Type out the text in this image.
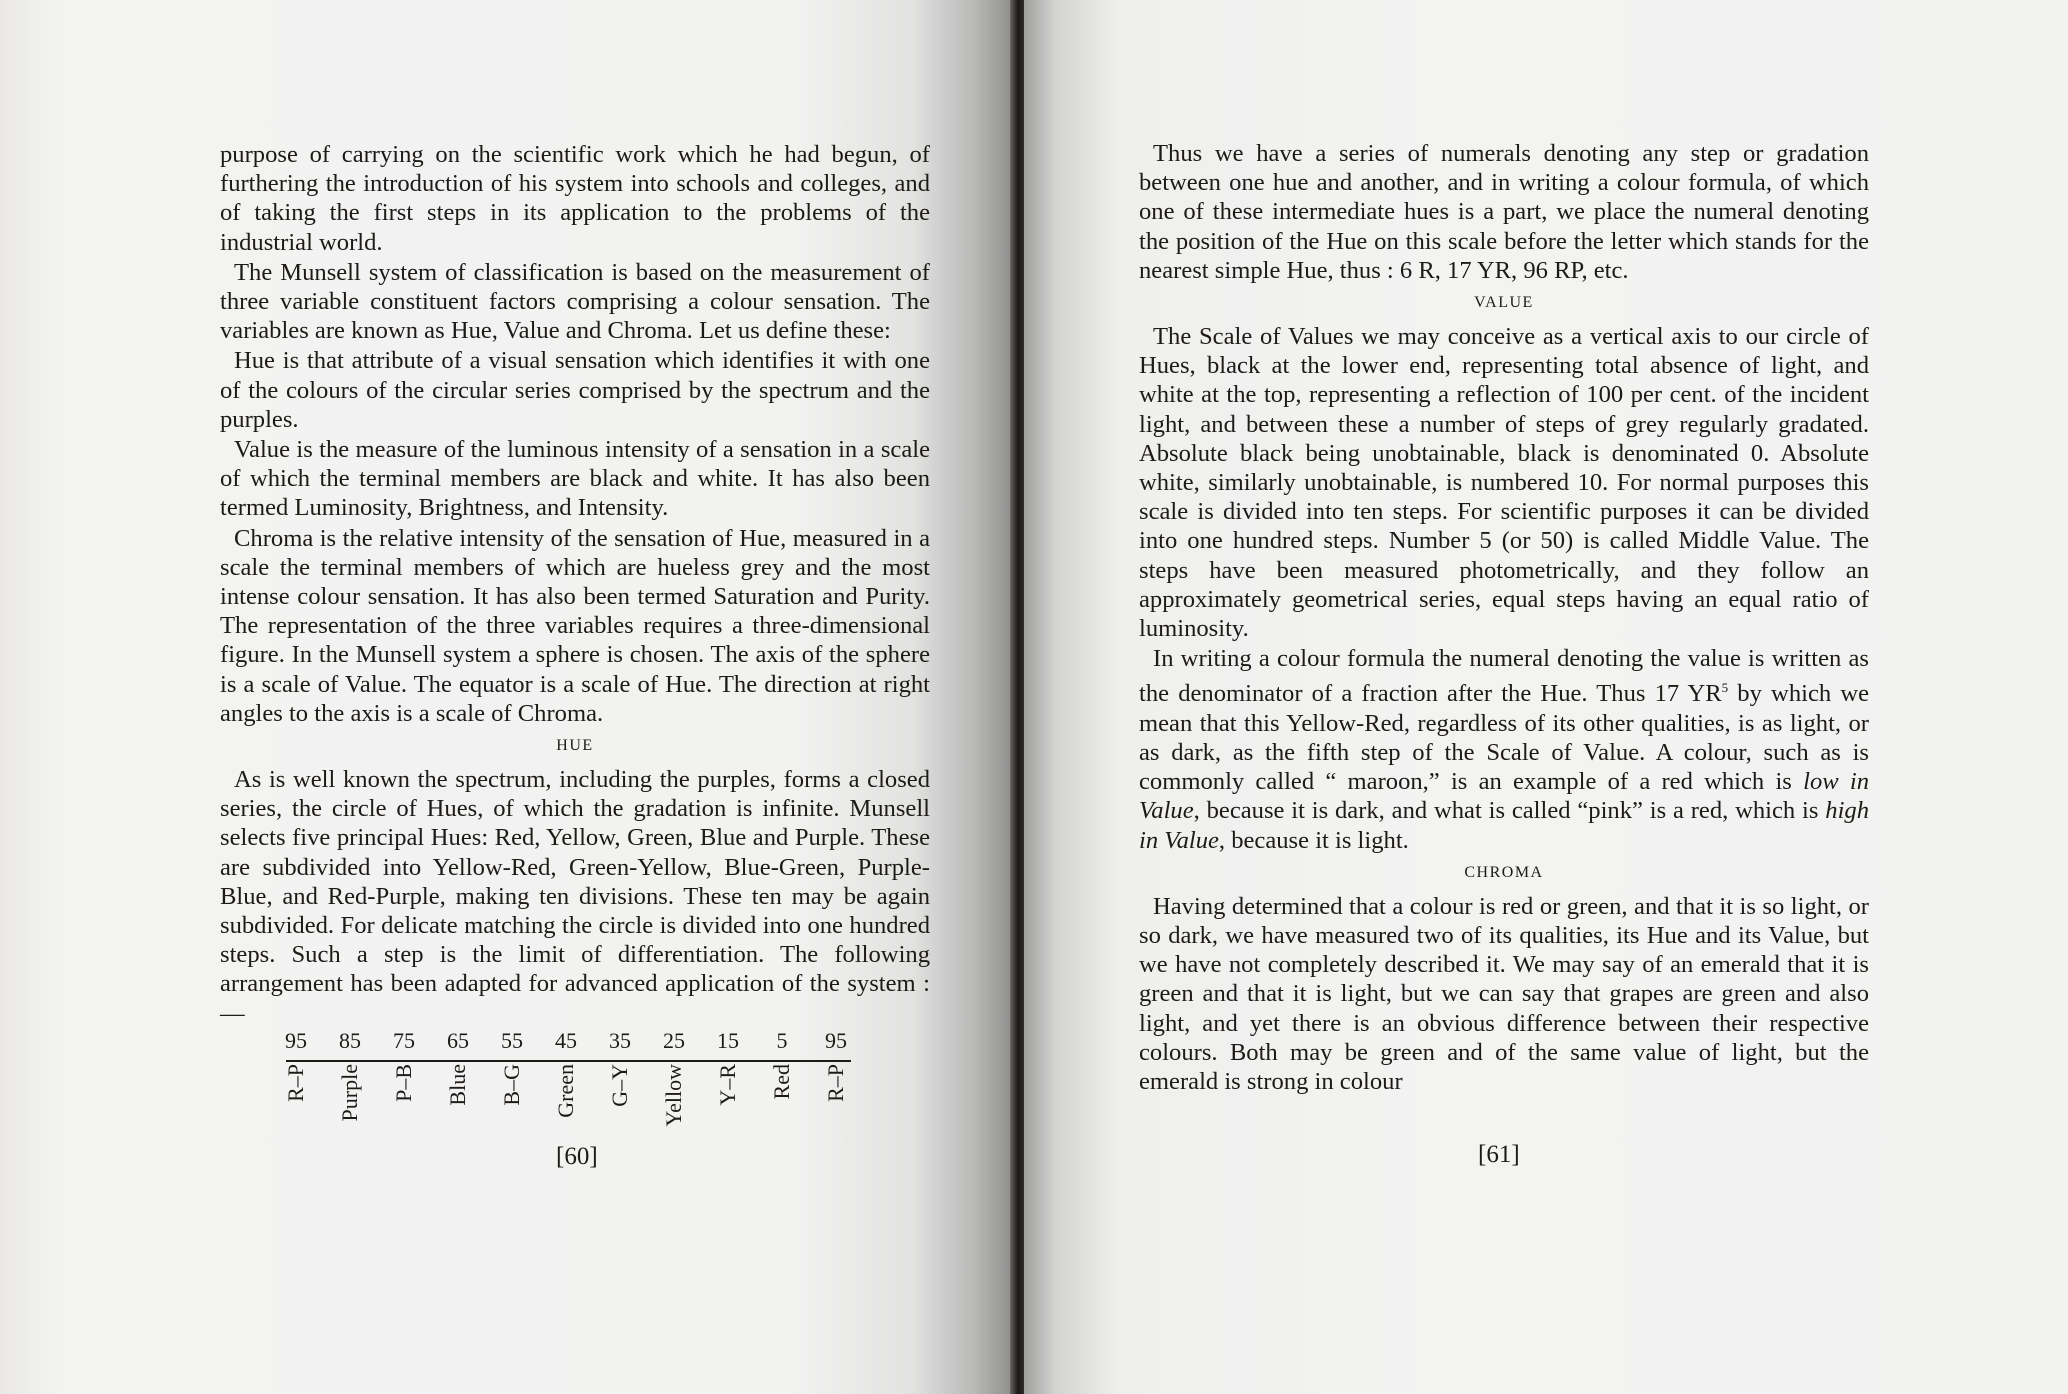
purpose of carrying on the scientific work which he had begun, of furthering the introduction of his system into schools and colleges, and of taking the first steps in its application to the problems of the industrial world.

The Munsell system of classification is based on the measurement of three variable constituent factors comprising a colour sensation. The variables are known as Hue, Value and Chroma. Let us define these:

Hue is that attribute of a visual sensation which identifies it with one of the colours of the circular series comprised by the spectrum and the purples.

Value is the measure of the luminous intensity of a sensation in a scale of which the terminal members are black and white. It has also been termed Luminosity, Brightness, and Intensity.

Chroma is the relative intensity of the sensation of Hue, measured in a scale the terminal members of which are hueless grey and the most intense colour sensation. It has also been termed Saturation and Purity. The representation of the three variables requires a three-dimensional figure. In the Munsell system a sphere is chosen. The axis of the sphere is a scale of Value. The equator is a scale of Hue. The direction at right angles to the axis is a scale of Chroma.

HUE

As is well known the spectrum, including the purples, forms a closed series, the circle of Hues, of which the gradation is infinite. Munsell selects five principal Hues: Red, Yellow, Green, Blue and Purple. These are subdivided into Yellow-Red, Green-Yellow, Blue-Green, Purple-Blue, and Red-Purple, making ten divisions. These ten may be again subdivided. For delicate matching the circle is divided into one hundred steps. Such a step is the limit of differentiation. The following arrangement has been adapted for advanced application of the system :—

95	85	75	65	55	45	35	25	15	5	95
R–P Purple P–B Blue B–G Green G–Y Yellow Y–R Red R–P
[60]

Thus we have a series of numerals denoting any step or gradation between one hue and another, and in writing a colour formula, of which one of these intermediate hues is a part, we place the numeral denoting the position of the Hue on this scale before the letter which stands for the nearest simple Hue, thus : 6 R, 17 YR, 96 RP, etc.

VALUE

The Scale of Values we may conceive as a vertical axis to our circle of Hues, black at the lower end, representing total absence of light, and white at the top, representing a reflection of 100 per cent. of the incident light, and between these a number of steps of grey regularly gradated. Absolute black being unobtainable, black is denominated 0. Absolute white, similarly unobtainable, is numbered 10. For normal purposes this scale is divided into ten steps. For scientific purposes it can be divided into one hundred steps. Number 5 (or 50) is called Middle Value. The steps have been measured photometrically, and they follow an approximately geometrical series, equal steps having an equal ratio of luminosity.

In writing a colour formula the numeral denoting the value is written as the denominator of a fraction after the Hue. Thus 17 $YR^5$ by which we mean that this Yellow-Red, regardless of its other qualities, is as light, or as dark, as the fifth step of the Scale of Value. A colour, such as is commonly called “ maroon,” is an example of a red which is low in Value, because it is dark, and what is called “pink” is a red, which is high in Value, because it is light.

CHROMA

Having determined that a colour is red or green, and that it is so light, or so dark, we have measured two of its qualities, its Hue and its Value, but we have not completely described it. We may say of an emerald that it is green and that it is light, but we can say that grapes are green and also light, and yet there is an obvious difference between their respective colours. Both may be green and of the same value of light, but the emerald is strong in colour

[61]
